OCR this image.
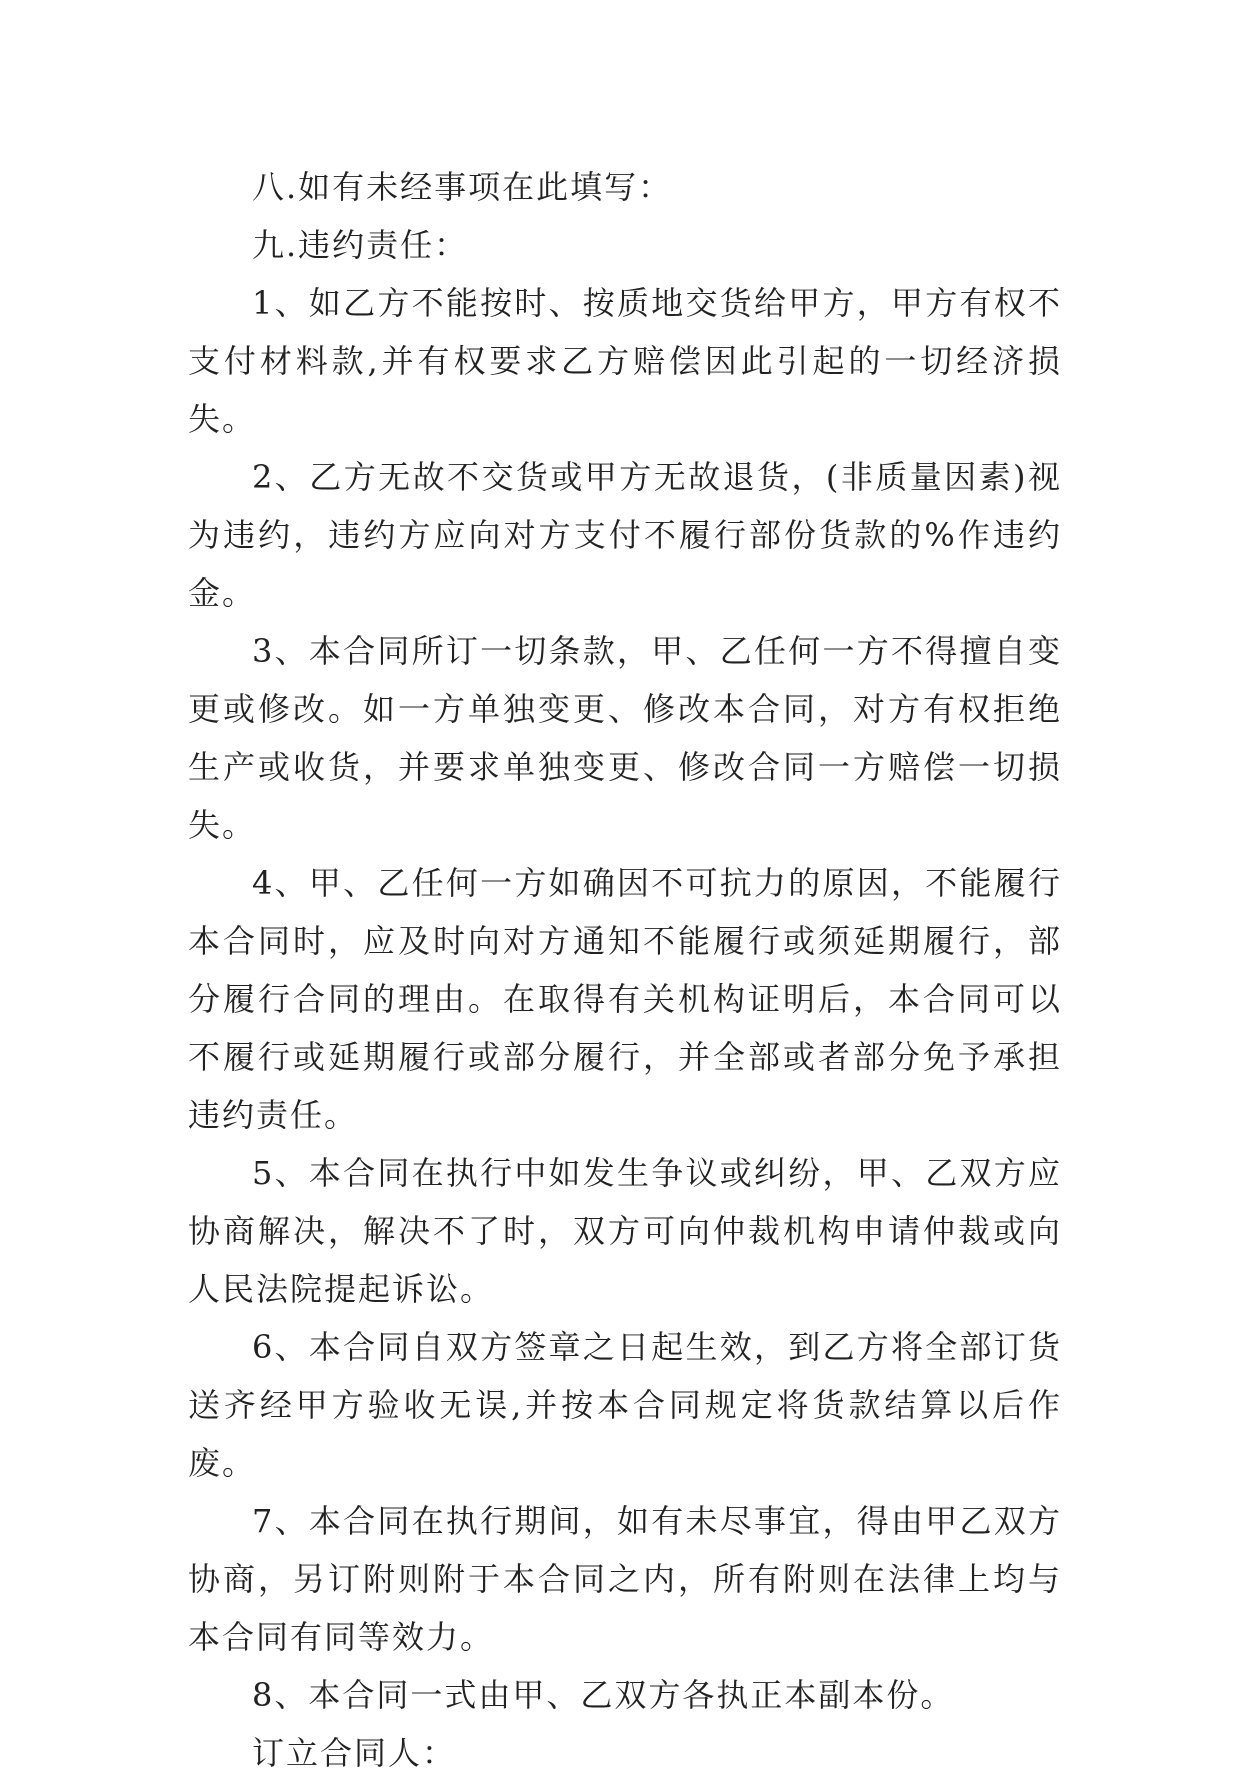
八.如有未经事项在此填写：

九.违约责任：

1、如乙方不能按时、按质地交货给甲方，甲方有权不支付材料款,并有权要求乙方赔偿因此引起的一切经济损失。

2、乙方无故不交货或甲方无故退货，(非质量因素)视为违约，违约方应向对方支付不履行部份货款的%作违约金。

3、本合同所订一切条款，甲、乙任何一方不得擅自变更或修改。如一方单独变更、修改本合同，对方有权拒绝生产或收货，并要求单独变更、修改合同一方赔偿一切损失。

4、甲、乙任何一方如确因不可抗力的原因，不能履行本合同时，应及时向对方通知不能履行或须延期履行，部分履行合同的理由。在取得有关机构证明后，本合同可以不履行或延期履行或部分履行，并全部或者部分免予承担违约责任。

5、本合同在执行中如发生争议或纠纷，甲、乙双方应协商解决，解决不了时，双方可向仲裁机构申请仲裁或向人民法院提起诉讼。

6、本合同自双方签章之日起生效，到乙方将全部订货送齐经甲方验收无误,并按本合同规定将货款结算以后作废。

7、本合同在执行期间，如有未尽事宜，得由甲乙双方协商，另订附则附于本合同之内，所有附则在法律上均与本合同有同等效力。

8、本合同一式由甲、乙双方各执正本副本份。

订立合同人：
